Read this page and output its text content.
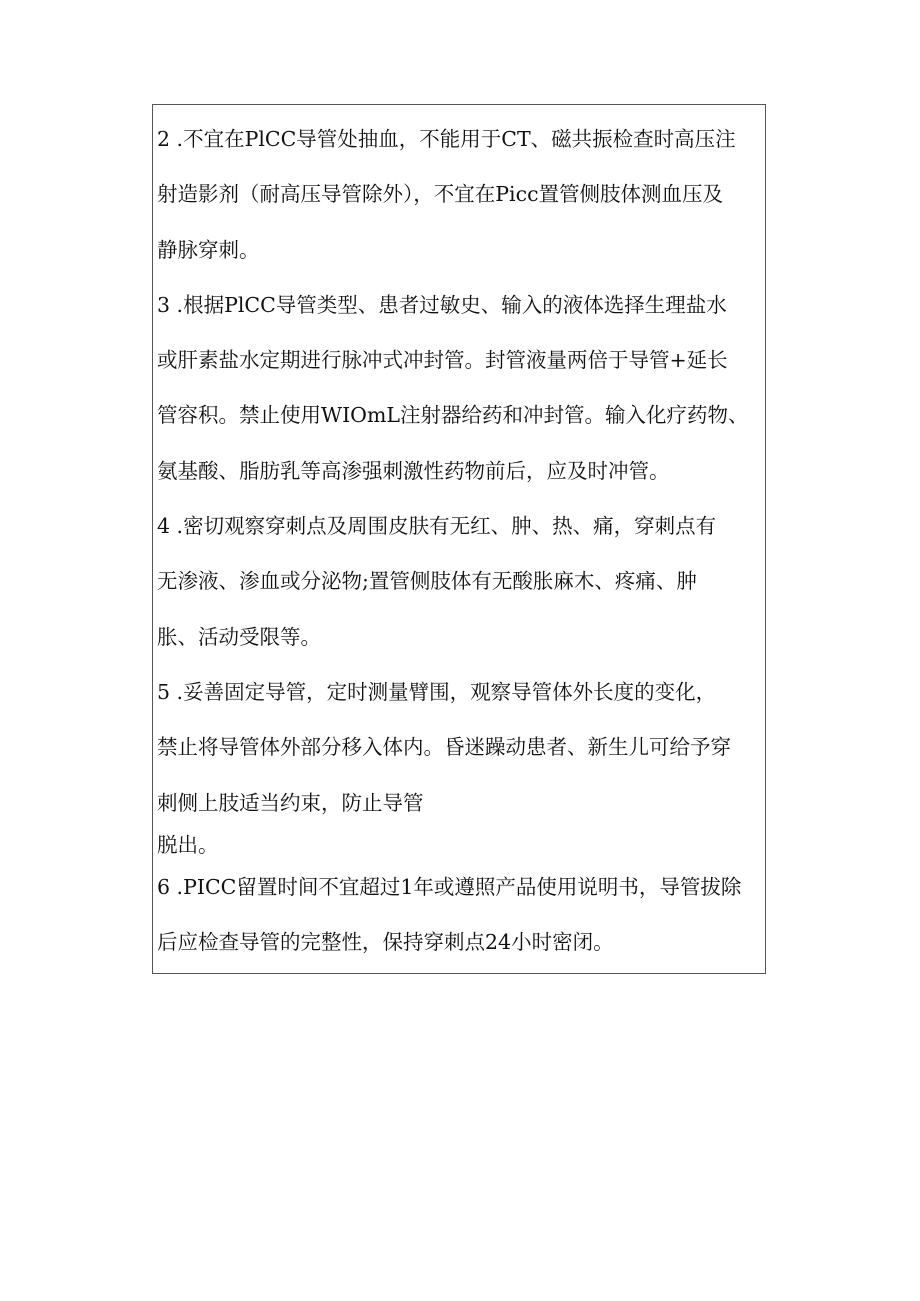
2 .不宜在PlCC导管处抽血，不能用于CT、磁共振检查时高压注
射造影剂（耐高压导管除外），不宜在Picc置管侧肢体测血压及
静脉穿刺。
3 .根据PlCC导管类型、患者过敏史、输入的液体选择生理盐水
或肝素盐水定期进行脉冲式冲封管。封管液量两倍于导管+延长
管容积。禁止使用WIOmL注射器给药和冲封管。输入化疗药物、
氨基酸、脂肪乳等高渗强刺激性药物前后，应及时冲管。
4 .密切观察穿刺点及周围皮肤有无红、肿、热、痛，穿刺点有
无渗液、渗血或分泌物;置管侧肢体有无酸胀麻木、疼痛、肿
胀、活动受限等。
5 .妥善固定导管，定时测量臂围，观察导管体外长度的变化，
禁止将导管体外部分移入体内。昏迷躁动患者、新生儿可给予穿
刺侧上肢适当约束，防止导管
脱出。
6 .PICC留置时间不宜超过1年或遵照产品使用说明书，导管拔除
后应检查导管的完整性，保持穿刺点24小时密闭。
